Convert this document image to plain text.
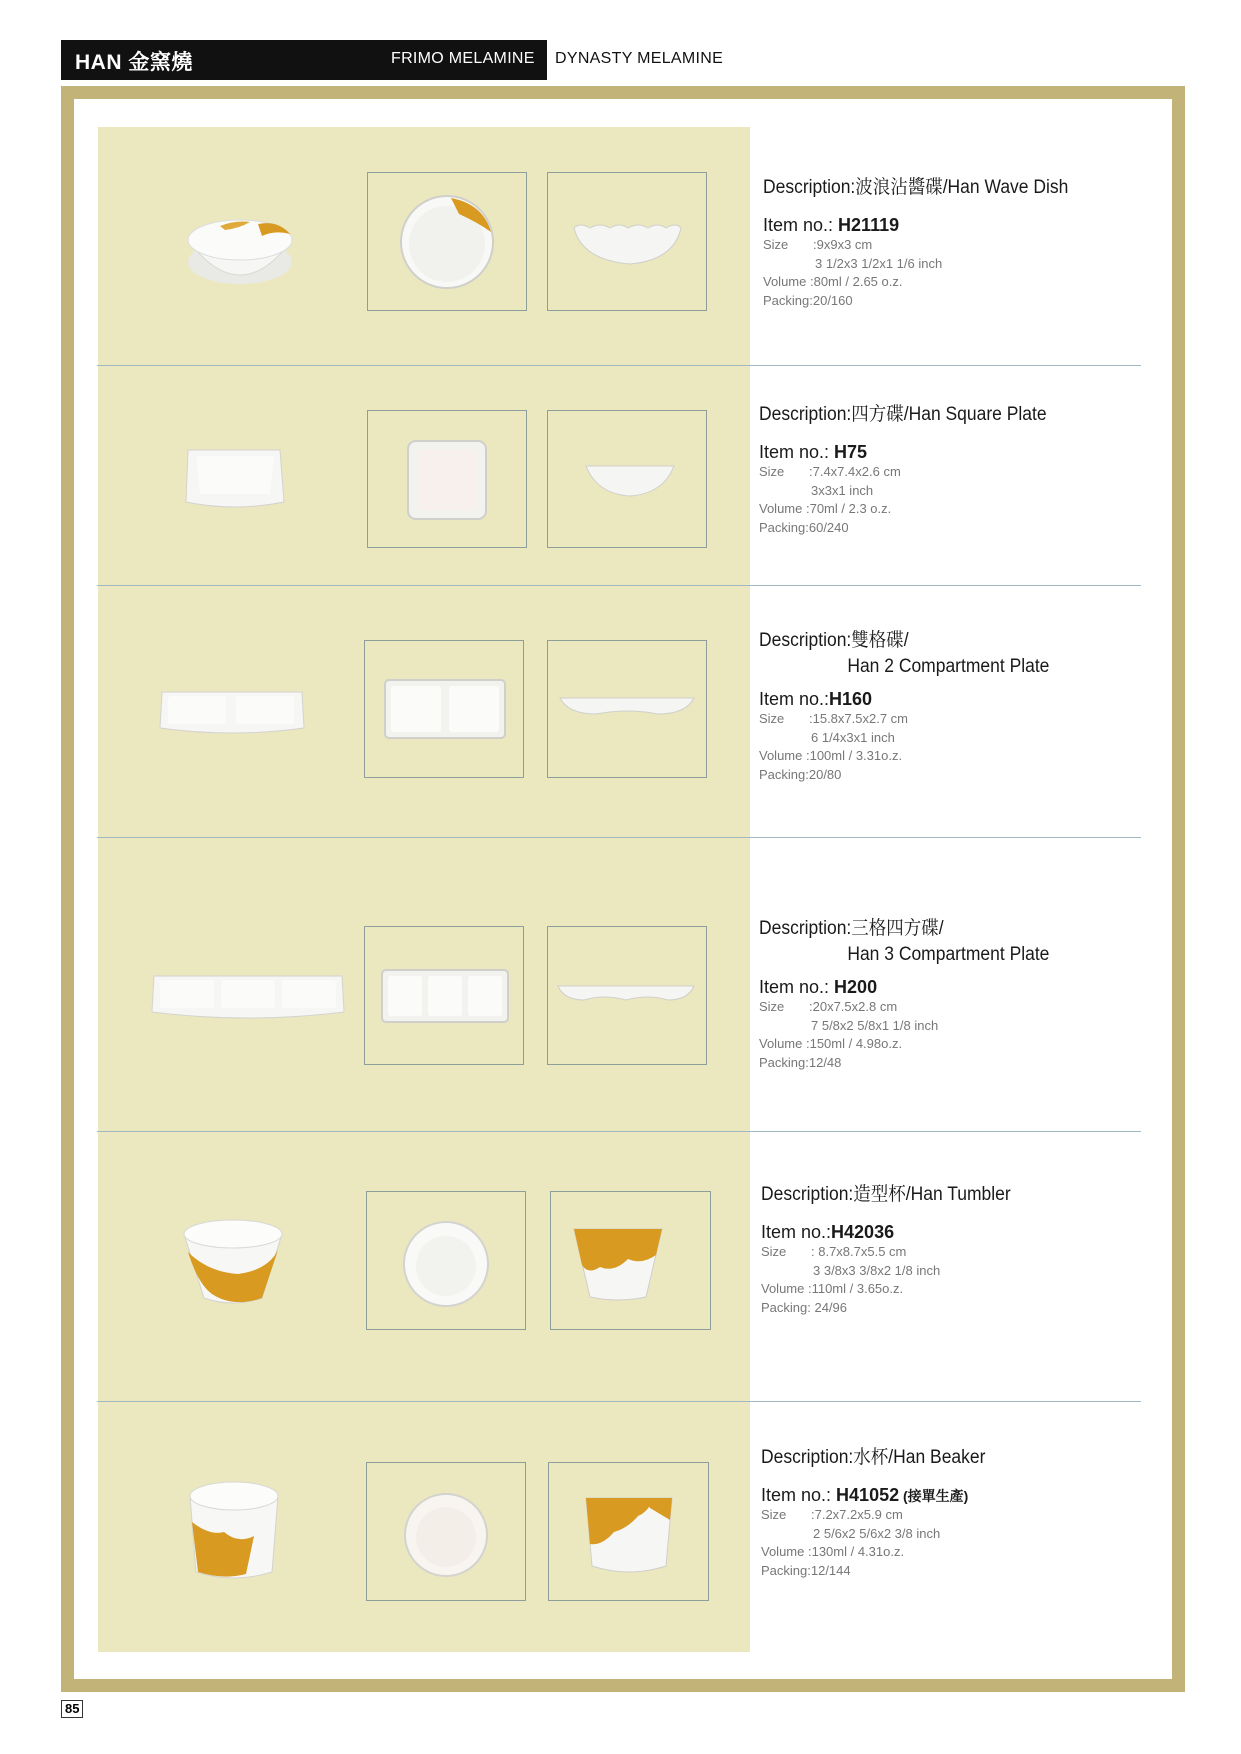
HAN 金窯燒	FRIMO MELAMINE DYNASTY MELAMINE
Description:波浪沾醬碟/Han Wave Dish
Item no.: H21119
Size :9x9x3 cm
3 1/2x3 1/2x1 1/6 inch
Volume :80ml / 2.65 o.z.
Packing:20/160
Description:四方碟/Han Square Plate
Item no.: H75
Size :7.4x7.4x2.6 cm
3x3x1 inch
Volume :70ml / 2.3 o.z.
Packing:60/240
Description:雙格碟/
Han 2 Compartment Plate
Item no.:H160
Size :15.8x7.5x2.7 cm
6 1/4x3x1 inch
Volume :100ml / 3.31o.z.
Packing:20/80
Description:三格四方碟/
Han 3 Compartment Plate
Item no.: H200
Size :20x7.5x2.8 cm
7 5/8x2 5/8x1 1/8 inch
Volume :150ml / 4.98o.z.
Packing:12/48
Description:造型杯/Han Tumbler
Item no.:H42036
Size : 8.7x8.7x5.5 cm
3 3/8x3 3/8x2 1/8 inch
Volume :110ml / 3.65o.z.
Packing: 24/96
Description:水杯/Han Beaker
Item no.: H41052 (接單生產)
Size :7.2x7.2x5.9 cm
2 5/6x2 5/6x2 3/8 inch
Volume :130ml / 4.31o.z.
Packing:12/144
85
